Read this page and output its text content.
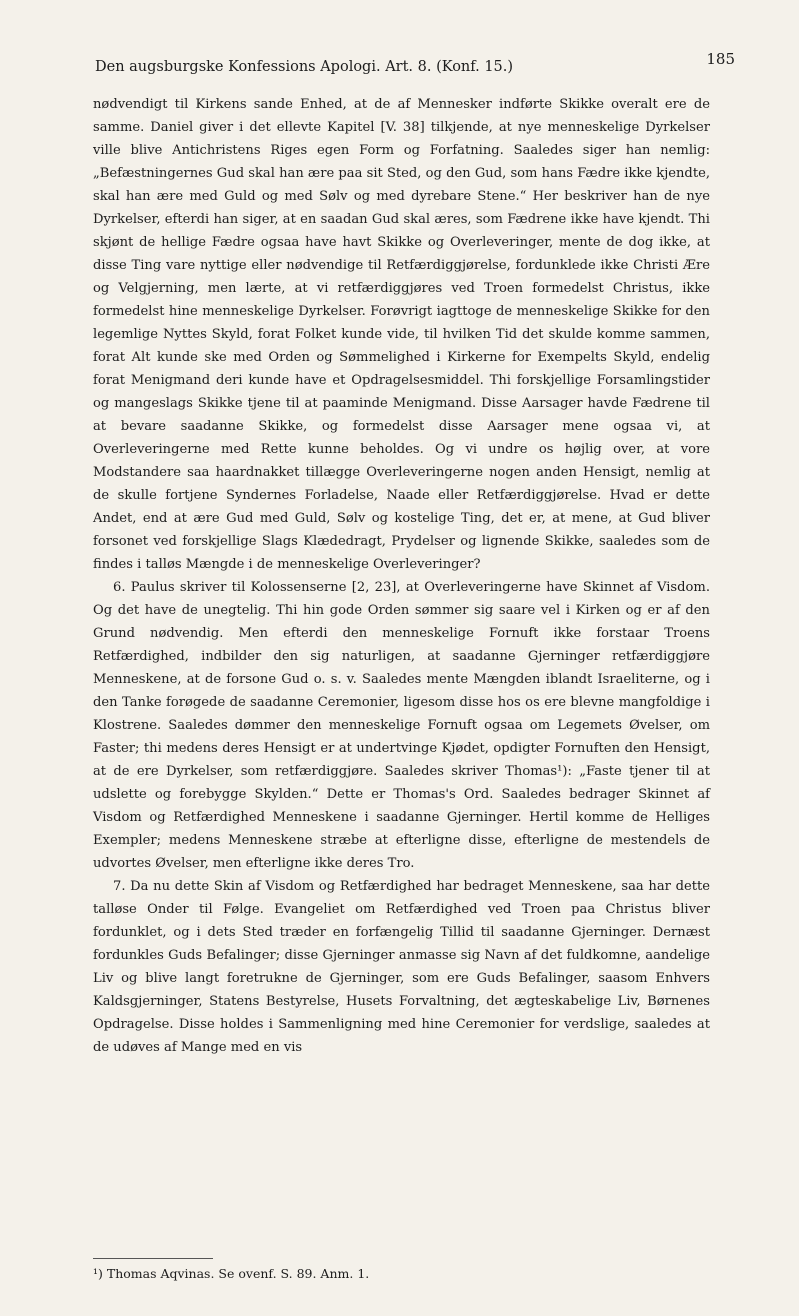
Den augsburgske Konfessions Apologi. Art. 8. (Konf. 15.)	185

nødvendigt til Kirkens sande Enhed, at de af Mennesker indførte Skikke overalt ere de samme. Daniel giver i det ellevte Kapitel [V. 38] tilkjende, at nye menneskelige Dyrkelser ville blive Antichristens Riges egen Form og Forfatning. Saaledes siger han nemlig: „Befæstningernes Gud skal han ære paa sit Sted, og den Gud, som hans Fædre ikke kjendte, skal han ære med Guld og med Sølv og med dyrebare Stene.“ Her beskriver han de nye Dyrkelser, efterdi han siger, at en saadan Gud skal æres, som Fædrene ikke have kjendt. Thi skjønt de hellige Fædre ogsaa have havt Skikke og Overleveringer, mente de dog ikke, at disse Ting vare nyttige eller nødvendige til Retfærdiggjørelse, fordunklede ikke Christi Ære og Velgjerning, men lærte, at vi retfærdiggjøres ved Troen formedelst Christus, ikke formedelst hine menneskelige Dyrkelser. Forøvrigt iagttoge de menneskelige Skikke for den legemlige Nyttes Skyld, forat Folket kunde vide, til hvilken Tid det skulde komme sammen, forat Alt kunde ske med Orden og Sømmelighed i Kirkerne for Exempelts Skyld, endelig forat Menigmand deri kunde have et Opdragelsesmiddel. Thi forskjellige Forsamlingstider og mangeslags Skikke tjene til at paaminde Menigmand. Disse Aarsager havde Fædrene til at bevare saadanne Skikke, og formedelst disse Aarsager mene ogsaa vi, at Overleveringerne med Rette kunne beholdes. Og vi undre os højlig over, at vore Modstandere saa haardnakket tillægge Overleveringerne nogen anden Hensigt, nemlig at de skulle fortjene Syndernes Forladelse, Naade eller Retfærdiggjørelse. Hvad er dette Andet, end at ære Gud med Guld, Sølv og kostelige Ting, det er, at mene, at Gud bliver forsonet ved forskjellige Slags Klædedragt, Prydelser og lignende Skikke, saaledes som de findes i talløs Mængde i de menneskelige Overleveringer?

6. Paulus skriver til Kolossenserne [2, 23], at Overleveringerne have Skinnet af Visdom. Og det have de unegtelig. Thi hin gode Orden sømmer sig saare vel i Kirken og er af den Grund nødvendig. Men efterdi den menneskelige Fornuft ikke forstaar Troens Retfærdighed, indbilder den sig naturligen, at saadanne Gjerninger retfærdiggjøre Menneskene, at de forsone Gud o. s. v. Saaledes mente Mængden iblandt Israeliterne, og i den Tanke forøgede de saadanne Ceremonier, ligesom disse hos os ere blevne mangfoldige i Klostrene. Saaledes dømmer den menneskelige Fornuft ogsaa om Legemets Øvelser, om Faster; thi medens deres Hensigt er at undertvinge Kjødet, opdigter Fornuften den Hensigt, at de ere Dyrkelser, som retfærdiggjøre. Saaledes skriver Thomas¹): „Faste tjener til at udslette og forebygge Skylden.“ Dette er Thomas's Ord. Saaledes bedrager Skinnet af Visdom og Retfærdighed Menneskene i saadanne Gjerninger. Hertil komme de Helliges Exempler; medens Menneskene stræbe at efterligne disse, efterligne de mestendels de udvortes Øvelser, men efterligne ikke deres Tro.

7. Da nu dette Skin af Visdom og Retfærdighed har bedraget Menneskene, saa har dette talløse Onder til Følge. Evangeliet om Retfærdighed ved Troen paa Christus bliver fordunklet, og i dets Sted træder en forfængelig Tillid til saadanne Gjerninger. Dernæst fordunkles Guds Befalinger; disse Gjerninger anmasse sig Navn af det fuldkomne, aandelige Liv og blive langt foretrukne de Gjerninger, som ere Guds Befalinger, saasom Enhvers Kaldsgjerninger, Statens Bestyrelse, Husets Forvaltning, det ægteskabelige Liv, Børnenes Opdragelse. Disse holdes i Sammenligning med hine Ceremonier for verdslige, saaledes at de udøves af Mange med en vis

¹) Thomas Aqvinas. Se ovenf. S. 89. Anm. 1.
